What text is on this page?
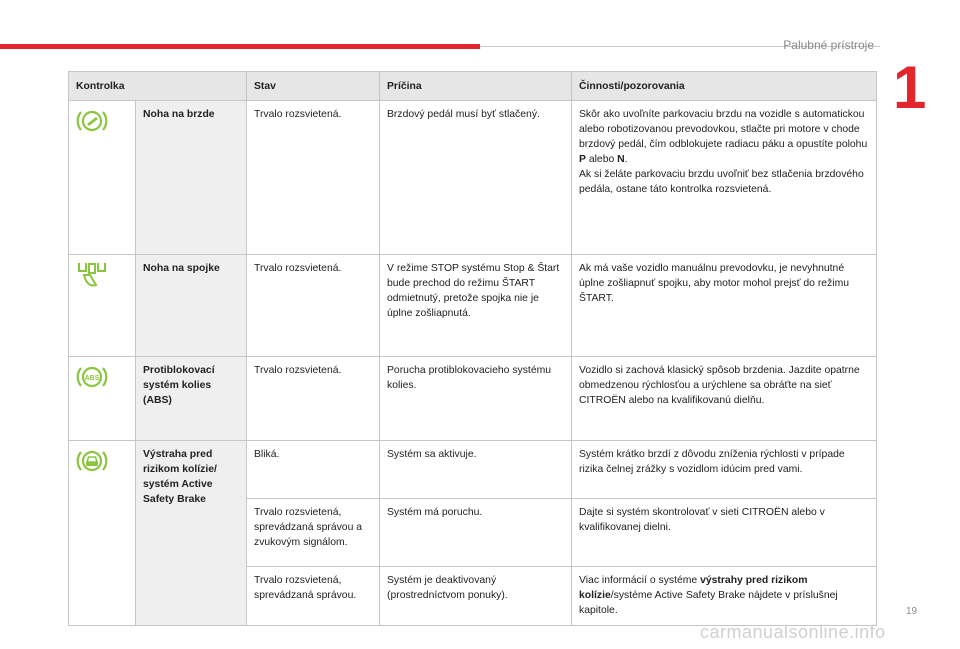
Palubné prístroje
1
Kontrolka		Stav	Príčina	Činnosti/pozorovania
	Noha na brzde	Trvalo rozsvietená.	Brzdový pedál musí byť stlačený.	Skôr ako uvoľníte parkovaciu brzdu na vozidle s automatickou alebo robotizovanou prevodovkou, stlačte pri motore v chode brzdový pedál, čím odblokujete radiacu páku a opustíte polohu P alebo N.
Ak si želáte parkovaciu brzdu uvoľniť bez stlačenia brzdového pedála, ostane táto kontrolka rozsvietená.
	Noha na spojke	Trvalo rozsvietená.	V režime STOP systému Stop & Štart bude prechod do režimu ŠTART odmietnutý, pretože spojka nie je úplne zošliapnutá.	Ak má vaše vozidlo manuálnu prevodovku, je nevyhnutné úplne zošliapnuť spojku, aby motor mohol prejsť do režimu ŠTART.

ABS	Protiblokovací systém kolies (ABS)	Trvalo rozsvietená.	Porucha protiblokovacieho systému kolies.	Vozidlo si zachová klasický spôsob brzdenia. Jazdite opatrne obmedzenou rýchlosťou a urýchlene sa obráťte na sieť CITROËN alebo na kvalifikovanú dielňu.
	Výstraha pred rizikom kolízie/ systém Active Safety Brake	Bliká.	Systém sa aktivuje.	Systém krátko brzdí z dôvodu zníženia rýchlosti v prípade rizika čelnej zrážky s vozidlom idúcim pred vami.
		Trvalo rozsvietená, sprevádzaná správou a zvukovým signálom.	Systém má poruchu.	Dajte si systém skontrolovať v sieti CITROËN alebo v kvalifikovanej dielni.
		Trvalo rozsvietená, sprevádzaná správou.	Systém je deaktivovaný (prostredníctvom ponuky).	Viac informácií o systéme výstrahy pred rizikom kolízie/systéme Active Safety Brake nájdete v príslušnej kapitole.	19
carmanualsonline.info
